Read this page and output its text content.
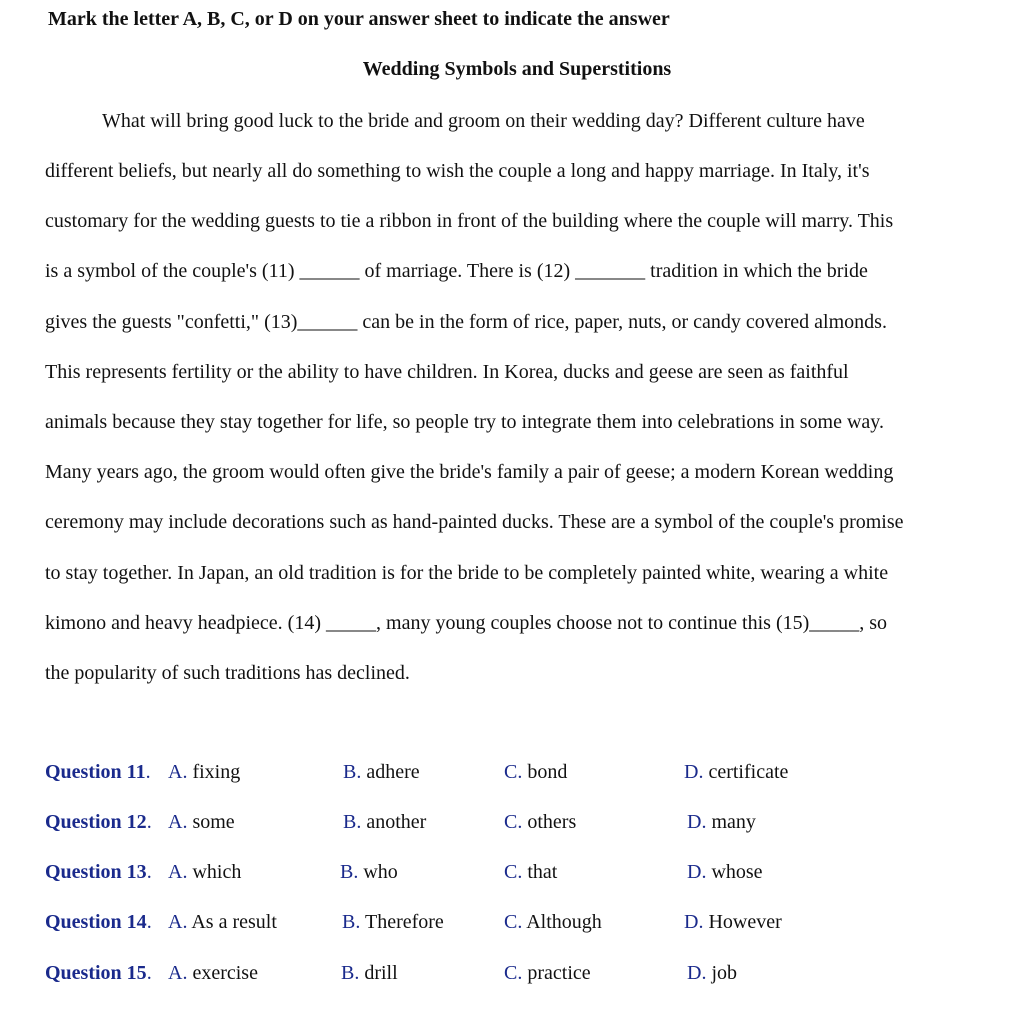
Mark the letter A, B, C, or D on your answer sheet to indicate the answer
Wedding Symbols and Superstitions
What will bring good luck to the bride and groom on their wedding day? Different culture have
different beliefs, but nearly all do something to wish the couple a long and happy marriage. In Italy, it's
customary for the wedding guests to tie a ribbon in front of the building where the couple will marry. This
is a symbol of the couple's (11) ______ of marriage. There is (12) _______ tradition in which the bride
gives the guests "confetti," (13)______ can be in the form of rice, paper, nuts, or candy covered almonds.
This represents fertility or the ability to have children. In Korea, ducks and geese are seen as faithful
animals because they stay together for life, so people try to integrate them into celebrations in some way.
Many years ago, the groom would often give the bride's family a pair of geese; a modern Korean wedding
ceremony may include decorations such as hand-painted ducks. These are a symbol of the couple's promise
to stay together. In Japan, an old tradition is for the bride to be completely painted white, wearing a white
kimono and heavy headpiece. (14) _____, many young couples choose not to continue this (15)_____, so
the popularity of such traditions has declined.
Question 11. A. fixing	B. adhere	C. bond	D. certificate
Question 12. A. some	B. another	C. others	D. many
Question 13. A. which	B. who	C. that	D. whose
Question 14. A. As a result	B. Therefore	C. Although	D. However
Question 15. A. exercise	B. drill	C. practice	D. job
